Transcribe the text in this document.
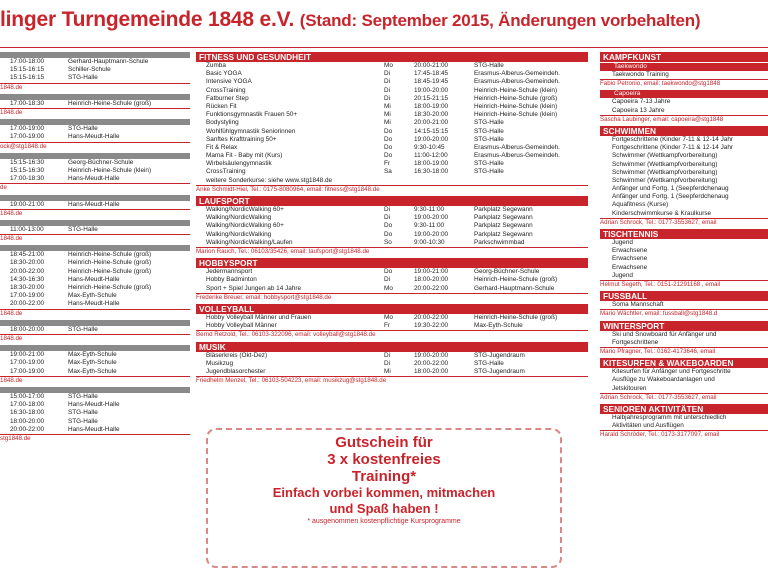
linger Turngemeinde 1848 e.V. (Stand: September 2015, Änderungen vorbehalten)
17:00-18:00	Gerhard-Hauptmann-Schule
15:15-16:15	Schiller-Schule
15:15-16:15	STG-Halle
1848.de
17:00-18:30	Heinrich-Heine-Schule (groß)
1848.de
17:00-19:00	STG-Halle
17:00-19:00	Hans-Meudt-Halle
ock@stg1848.de
15:15-16:30	Georg-Büchner-Schule
15:15-16:30	Heinrich-Heine-Schule (klein)
17:00-18:30	Hans-Meudt-Halle
de
19:00-21:00	Hans-Meudt-Halle
1848.de
11:00-13:00	STG-Halle
1848.de
18:45-21:00	Heinrich-Heine-Schule (groß)
18:30-20:00	Heinrich-Heine-Schule (groß)
20:00-22:00	Heinrich-Heine-Schule (groß)
14:30-16:30	Hans-Meudt-Halle
18:30-20:00	Heinrich-Heine-Schule (groß)
17:00-19:00	Max-Eyth-Schule
20:00-22:00	Hans-Meudt-Halle
1848.de
18:00-20:00	STG-Halle
1848.de
19:00-21:00	Max-Eyth-Schule
17:00-19:00	Max-Eyth-Schule
17:00-19:00	Max-Eyth-Schule
1848.de
15:00-17:00	STG-Halle
17:00-18:00	Hans-Meudt-Halle
16:30-18:00	STG-Halle
18:00-20:00	STG-Halle
20:00-22:00	Hans-Meudt-Halle
stg1848.de
FITNESS UND GESUNDHEIT
Zumba	Mo	20:00-21:00	STG-Halle
Basic YOGA	Di	17:45-18:45	Erasmus-Alberus-Gemeindeh.
Intensive YOGA	Di	18:45-19:45	Erasmus-Alberus-Gemeindeh.
CrossTraining	Di	19:00-20:00	Heinrich-Heine-Schule (klein)
Fatburner Step	Di	20:15-21:15	Heinrich-Heine-Schule (groß)
Rücken Fit	Mi	18:00-19:00	Heinrich-Heine-Schule (klein)
Funktionsgymnastik Frauen 50+	Mi	18:30-20:00	Heinrich-Heine-Schule (klein)
Bodystyling	Mi	20:00-21:00	STG-Halle
Wohlfühlgymnastik Seniorinnen	Do	14:15-15:15	STG-Halle
Sanftes Krafttraining 50+	Do	19:00-20:00	STG-Halle
Fit & Relax	Do	9:30-10:45	Erasmus-Alberus-Gemeindeh.
Mama Fit - Baby mit (Kurs)	Do	11:00-12:00	Erasmus-Alberus-Gemeindeh.
Wirbelsäulengymnastik	Fr	18:00-19:00	STG-Halle
CrossTraining	Sa	16:30-18:00	STG-Halle
weitere Sonderkurse: siehe www.stg1848.de
Anke Schmidt-Hiel, Tel.: 0175-8080964, email: fitness@stg1848.de
LAUFSPORT
Walking/NordicWalking 60+	Di	9:30-11:00	Parkplatz Segewann
Walking/NordicWalking	Di	19:00-20:00	Parkplatz Segewann
Walking/NordicWalking 60+	Do	9:30-11:00	Parkplatz Segewann
Walking/NordicWalking	Do	19:00-20:00	Parkplatz Segewann
Walking/NordicWalking/Laufen	So	9:00-10:30	Parkschwimmbad
Marion Rauch, Tel.: 06103/35426, email: laufsport@stg1848.de
HOBBYSPORT
Jedermannsport	Do	19:00-21:00	Georg-Büchner-Schule
Hobby Badminton	Di	18:00-20:00	Heinrich-Heine-Schule (groß)
Sport + Spiel Jungen ab 14 Jahre	Mo	20:00-22:00	Gerhard-Hauptmann-Schule
Frederike Breuer, email: hobbysport@stg1848.de
VOLLEYBALL
Hobby Volleyball Männer und Frauen	Mo	20:00-22:00	Heinrich-Heine-Schule (groß)
Hobby Volleyball Männer	Fr	19:30-22:00	Max-Eyth-Schule
Bernd Retzold, Tel.: 06103-322096, email: volleyball@stg1848.de
MUSIK
Bläserkreis (Okt-Dez)	Di	19:00-20:00	STG-Jugendraum
Musikzug	Di	20:00-22:00	STG-Halle
Jugendblasorchester	Mi	18:00-20:00	STG-Jugendraum
Friedhelm Menzel, Tel.: 06103-504223, email: musikzug@stg1848.de
KAMPFKUNST
Taekwondo
Taekwondo Training
Fabio Petronio, email: taekwondo@stg1848
Capoeira
Capoeira 7-13 Jahre
Capoeira 13 Jahre
Sascha Laubinger, email: capoeira@stg1848
SCHWIMMEN
Fortgeschrittene (Kinder 7-11 & 12-14 Jahr
Fortgeschrittene (Kinder 7-11 & 12-14 Jahr
Schwimmer (Wettkampfvorbereitung)
Schwimmer (Wettkampfvorbereitung)
Schwimmer (Wettkampfvorbereitung)
Schwimmer (Wettkampfvorbereitung)
Anfänger und Fortg. 1 (Seepferdchenaug
Anfänger und Fortg. 1 (Seepferdchenaug
Aquafitness (Kurse)
Kinderschwimmkurse & Kraulkurse
Adrian Schrock, Tel.: 0177-3553627, email
TISCHTENNIS
Jugend
Erwachsene
Erwachsene
Erwachsene
Jugend
Helmut Segeth, Tel.: 0151-21291168 , email
FUSSBALL
Soma Mannschaft
Mario Wächtler, email: fussball@stg1848.d
WINTERSPORT
Ski und Snowboard für Anfänger und
Fortgeschrittene
Mario Pfragner, Tel.: 0162-4173646, email
KITESURFEN & WAKEBOARDEN
Kitesurfen für Anfänger und Fortgeschritte
Ausflüge zu Wakeboardanlagen und
Jetskitouren
Adrian Schrock, Tel.: 0177-3553627, email
SENIOREN AKTIVITÄTEN
Halbjahresprogramm mit unterschiedlich
Aktivitäten und Ausflügen
Harald Schröder, Tel.: 0173-3177097, email
Gutschein für
3 x kostenfreies
Training*
Einfach vorbei kommen, mitmachen
und Spaß haben !
* ausgenommen kostenpflichtige Kursprogramme
